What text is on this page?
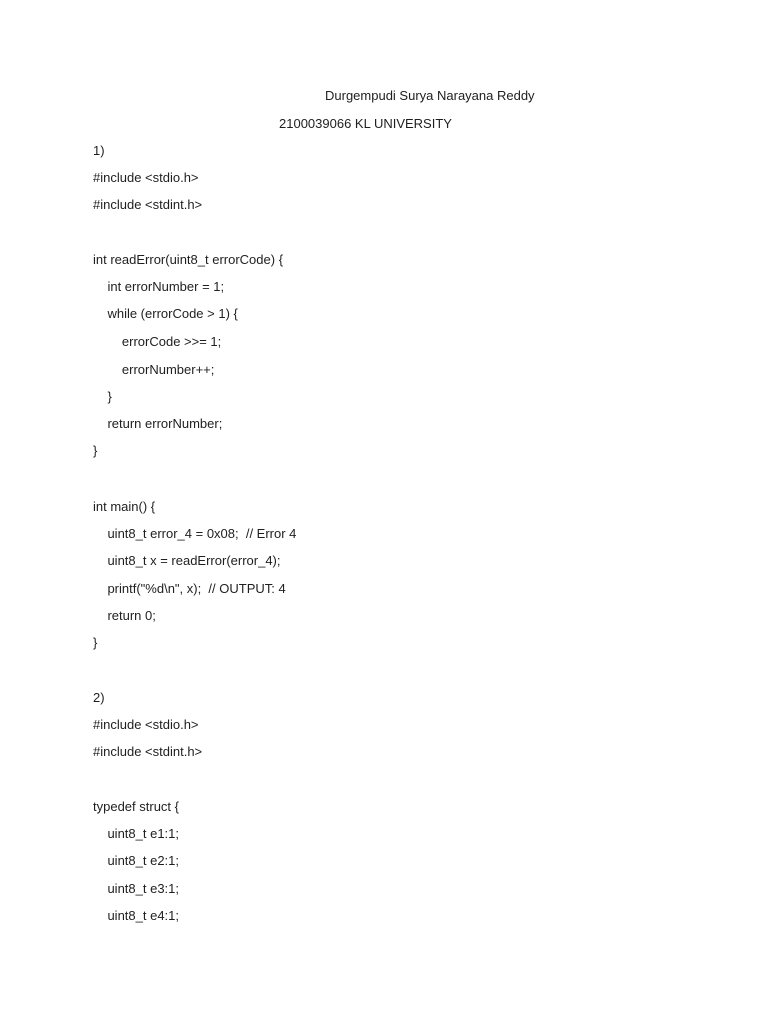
Durgempudi Surya Narayana Reddy
2100039066 KL UNIVERSITY
1)
#include <stdio.h>
#include <stdint.h>
int readError(uint8_t errorCode) {
int errorNumber = 1;
while (errorCode > 1) {
errorCode >>= 1;
errorNumber++;
}
return errorNumber;
}
int main() {
uint8_t error_4 = 0x08;  // Error 4
uint8_t x = readError(error_4);
printf("%d\n", x);  // OUTPUT: 4
return 0;
}
2)
#include <stdio.h>
#include <stdint.h>
typedef struct {
uint8_t e1:1;
uint8_t e2:1;
uint8_t e3:1;
uint8_t e4:1;
